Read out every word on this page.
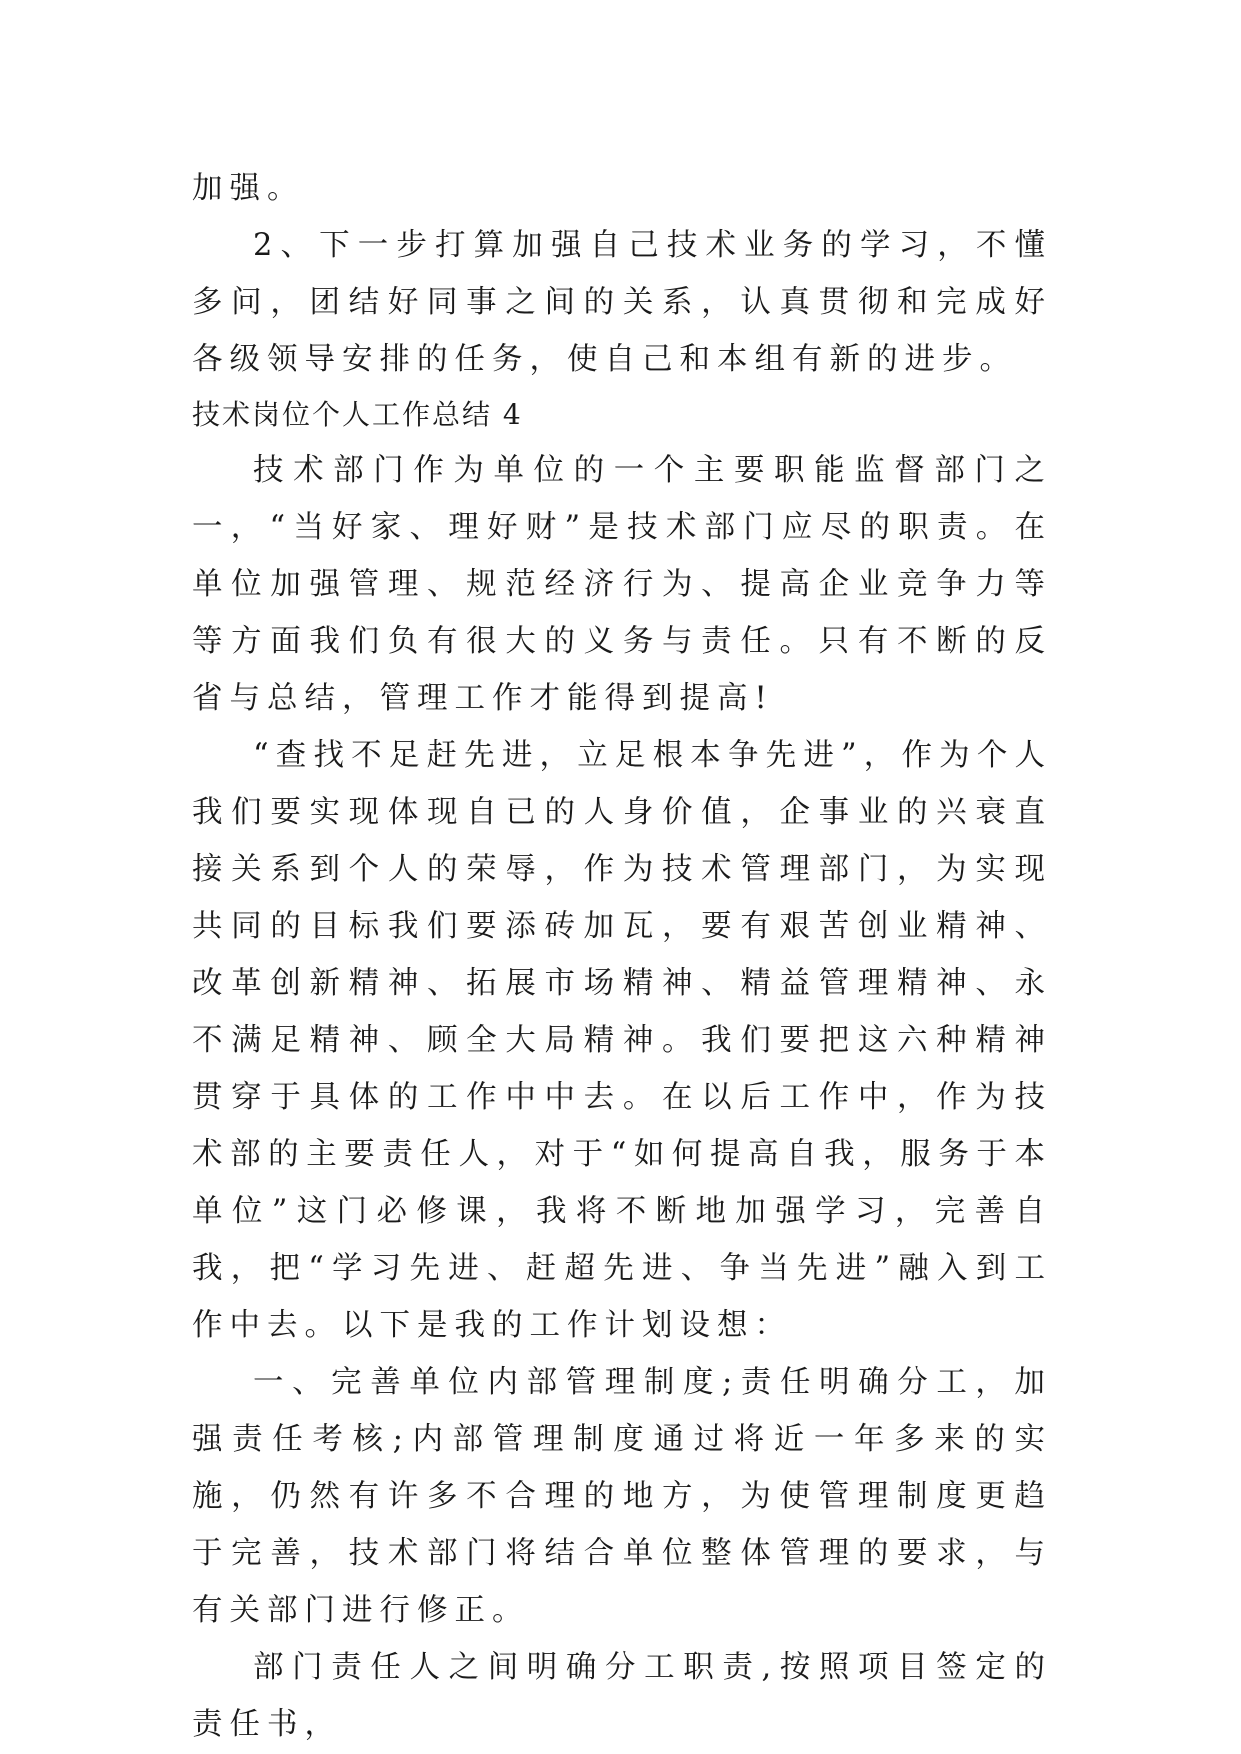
加强。

2、下一步打算加强自己技术业务的学习，不懂多问，团结好同事之间的关系，认真贯彻和完成好各级领导安排的任务，使自己和本组有新的进步。

技术岗位个人工作总结 4

技术部门作为单位的一个主要职能监督部门之一，“当好家、理好财”是技术部门应尽的职责。在单位加强管理、规范经济行为、提高企业竞争力等等方面我们负有很大的义务与责任。只有不断的反省与总结，管理工作才能得到提高!

“查找不足赶先进，立足根本争先进”，作为个人我们要实现体现自已的人身价值，企事业的兴衰直接关系到个人的荣辱，作为技术管理部门，为实现共同的目标我们要添砖加瓦，要有艰苦创业精神、改革创新精神、拓展市场精神、精益管理精神、永不满足精神、顾全大局精神。我们要把这六种精神贯穿于具体的工作中中去。在以后工作中，作为技术部的主要责任人，对于“如何提高自我，服务于本单位”这门必修课，我将不断地加强学习，完善自我，把“学习先进、赶超先进、争当先进”融入到工作中去。以下是我的工作计划设想：

一、完善单位内部管理制度;责任明确分工，加强责任考核;内部管理制度通过将近一年多来的实施，仍然有许多不合理的地方，为使管理制度更趋于完善，技术部门将结合单位整体管理的要求，与有关部门进行修正。

部门责任人之间明确分工职责,按照项目签定的责任书，
